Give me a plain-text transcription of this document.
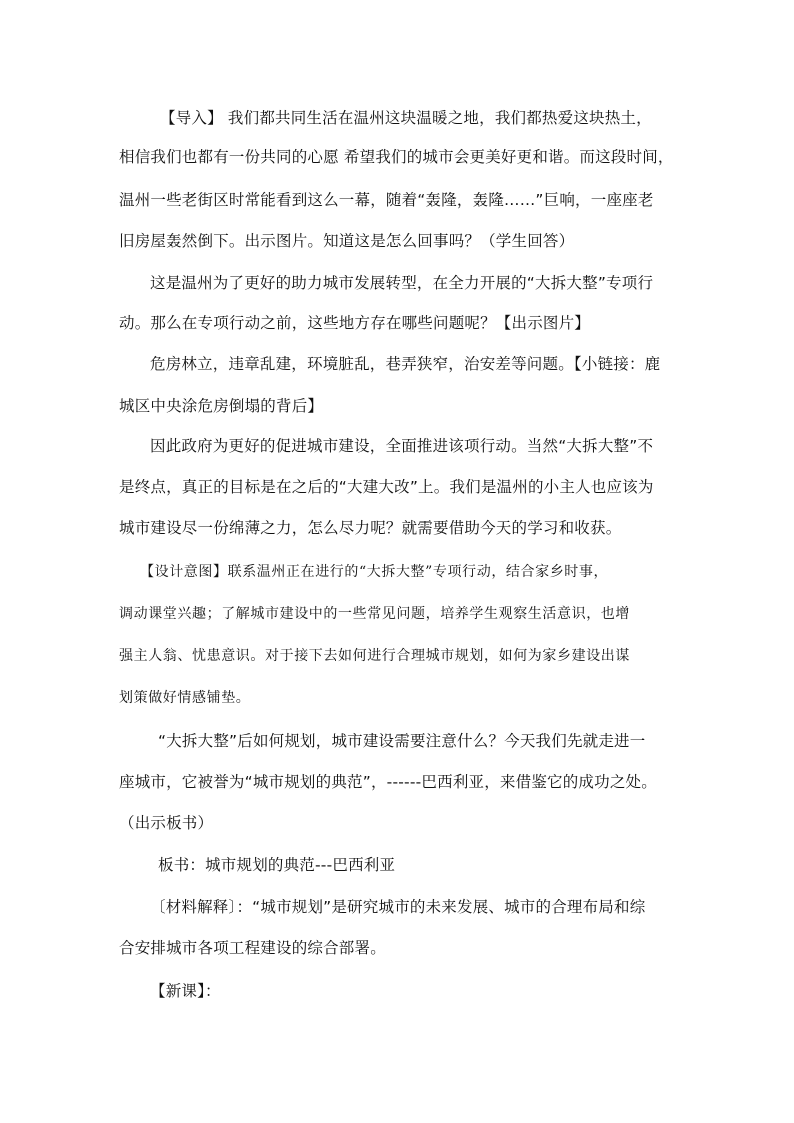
【导入】 我们都共同生活在温州这块温暖之地，我们都热爱这块热土，
相信我们也都有一份共同的心愿 希望我们的城市会更美好更和谐。而这段时间，
温州一些老街区时常能看到这么一幕，随着“轰隆，轰隆……”巨响，一座座老
旧房屋轰然倒下。出示图片。知道这是怎么回事吗？（学生回答）
这是温州为了更好的助力城市发展转型，在全力开展的“大拆大整”专项行
动。那么在专项行动之前，这些地方存在哪些问题呢？【出示图片】
危房林立，违章乱建，环境脏乱，巷弄狭窄，治安差等问题。【小链接：鹿
城区中央涂危房倒塌的背后】
因此政府为更好的促进城市建设，全面推进该项行动。当然“大拆大整”不
是终点，真正的目标是在之后的“大建大改”上。我们是温州的小主人也应该为
城市建设尽一份绵薄之力，怎么尽力呢？就需要借助今天的学习和收获。
【设计意图】联系温州正在进行的“大拆大整”专项行动，结合家乡时事，
调动课堂兴趣；了解城市建设中的一些常见问题，培养学生观察生活意识，也增
强主人翁、忧患意识。对于接下去如何进行合理城市规划，如何为家乡建设出谋
划策做好情感铺垫。
“大拆大整”后如何规划，城市建设需要注意什么？今天我们先就走进一
座城市，它被誉为“城市规划的典范”，------巴西利亚，来借鉴它的成功之处。
（出示板书）
板书：城市规划的典范---巴西利亚
〔材料解释〕：“城市规划”是研究城市的未来发展、城市的合理布局和综
合安排城市各项工程建设的综合部署。
【新课】：
